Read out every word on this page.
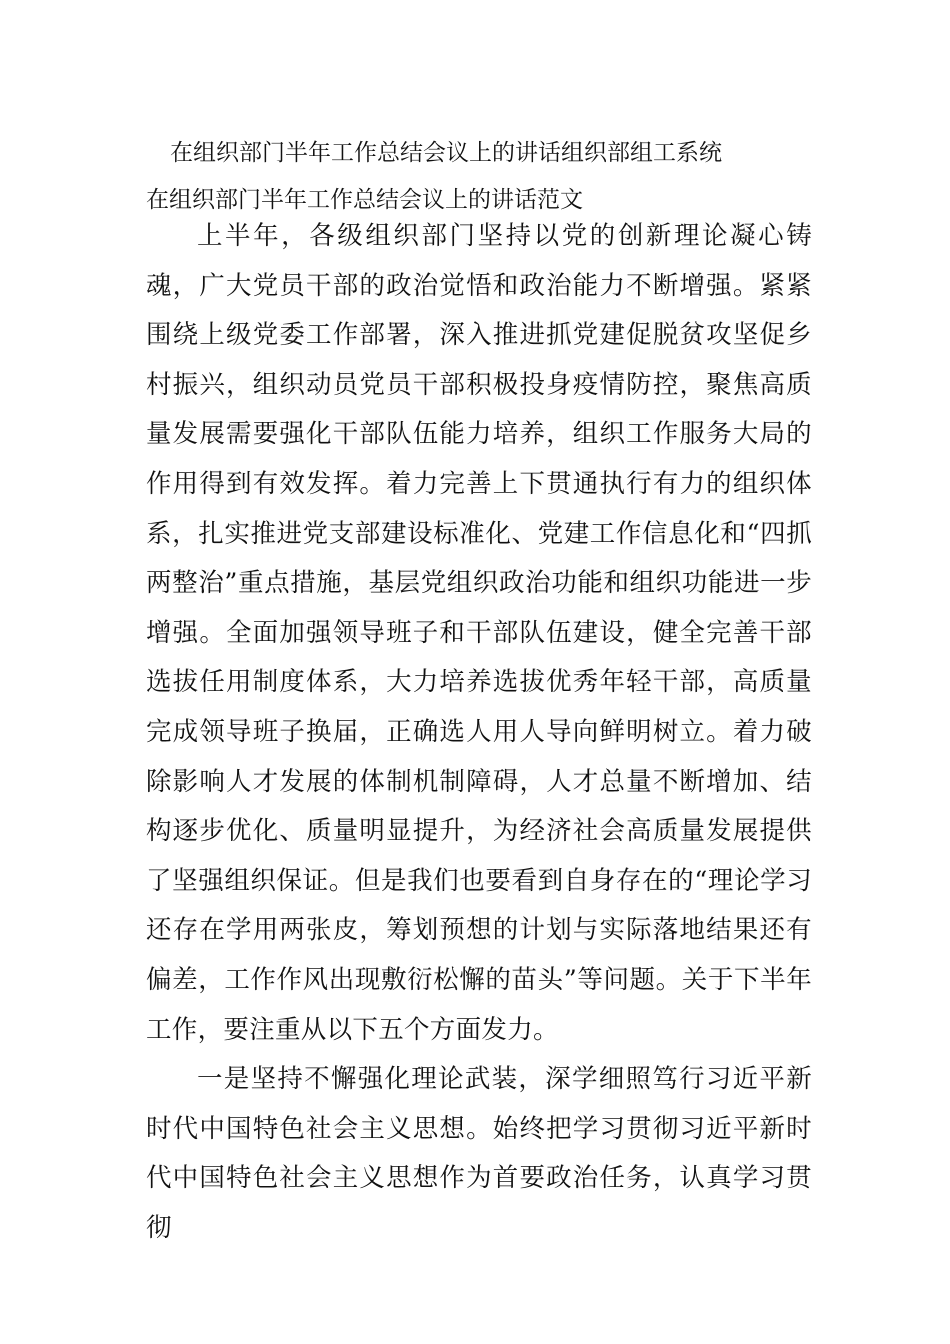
在组织部门半年工作总结会议上的讲话组织部组工系统
在组织部门半年工作总结会议上的讲话范文

上半年，各级组织部门坚持以党的创新理论凝心铸魂，广大党员干部的政治觉悟和政治能力不断增强。紧紧围绕上级党委工作部署，深入推进抓党建促脱贫攻坚促乡村振兴，组织动员党员干部积极投身疫情防控，聚焦高质量发展需要强化干部队伍能力培养，组织工作服务大局的作用得到有效发挥。着力完善上下贯通执行有力的组织体系，扎实推进党支部建设标准化、党建工作信息化和“四抓两整治”重点措施，基层党组织政治功能和组织功能进一步增强。全面加强领导班子和干部队伍建设，健全完善干部选拔任用制度体系，大力培养选拔优秀年轻干部，高质量完成领导班子换届，正确选人用人导向鲜明树立。着力破除影响人才发展的体制机制障碍，人才总量不断增加、结构逐步优化、质量明显提升，为经济社会高质量发展提供了坚强组织保证。但是我们也要看到自身存在的“理论学习还存在学用两张皮，筹划预想的计划与实际落地结果还有偏差，工作作风出现敷衍松懈的苗头”等问题。关于下半年工作，要注重从以下五个方面发力。

一是坚持不懈强化理论武装，深学细照笃行习近平新时代中国特色社会主义思想。始终把学习贯彻习近平新时代中国特色社会主义思想作为首要政治任务，认真学习贯彻
